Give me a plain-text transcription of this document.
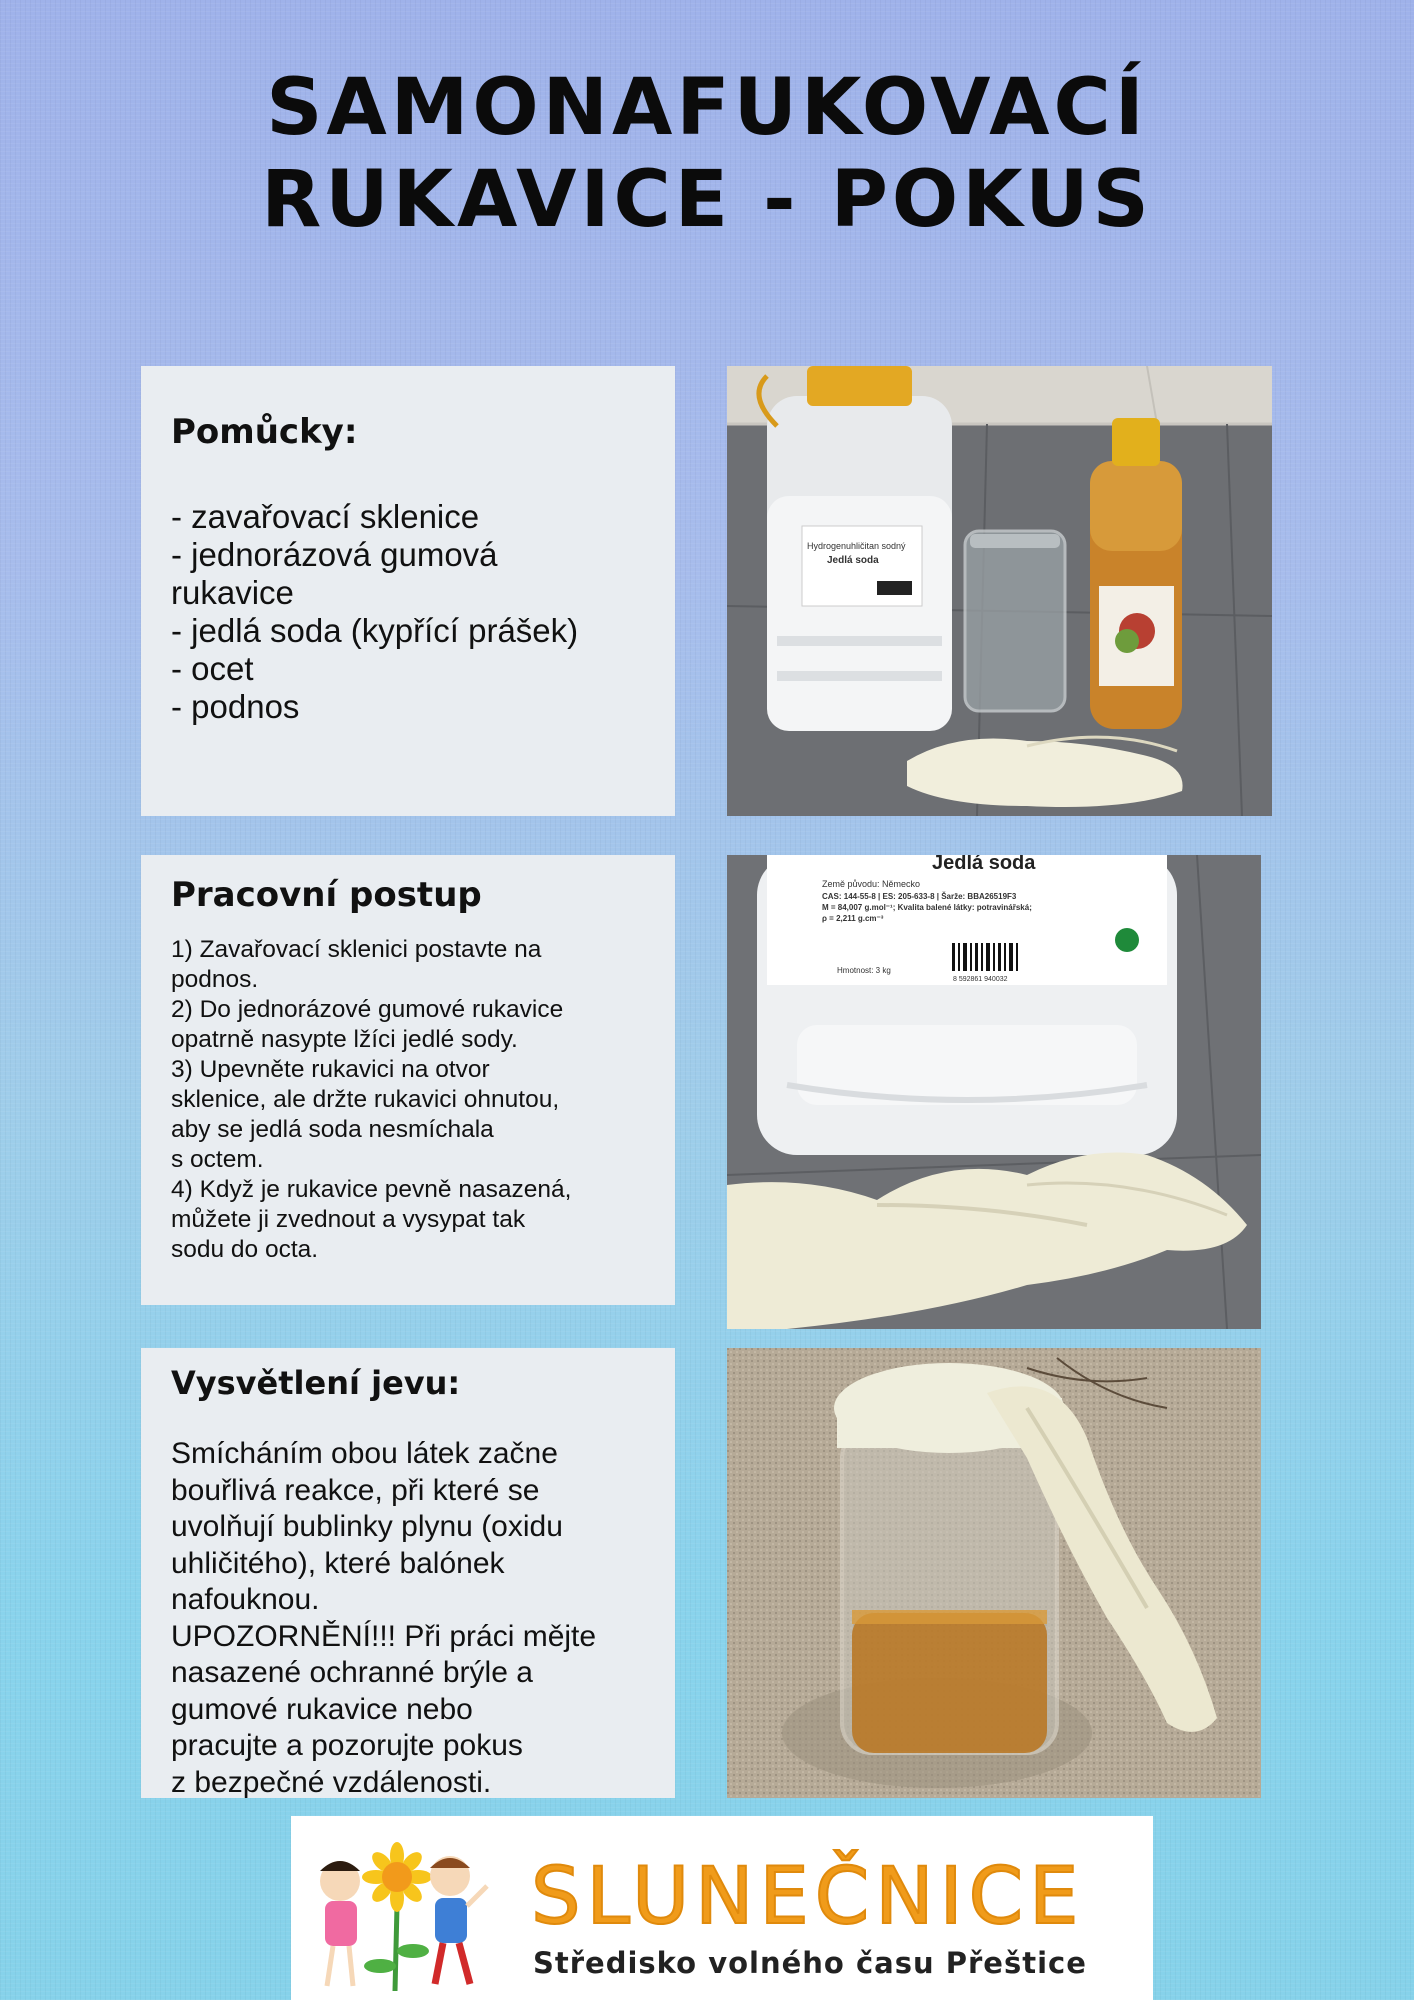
SAMONAFUKOVACÍ
RUKAVICE - POKUS
Pomůcky:
- zavařovací sklenice
- jednorázová gumová
rukavice
- jedlá soda (kypřící prášek)
- ocet
- podnos
Hydrogenuhličitan sodný
Jedlá soda
Pracovní postup
1) Zavařovací sklenici postavte na
podnos.
2) Do jednorázové gumové rukavice
opatrně nasypte lžíci jedlé sody.
3) Upevněte rukavici na otvor
sklenice, ale držte rukavici ohnutou,
aby se jedlá soda nesmíchala
s octem.
4) Když je rukavice pevně nasazená,
můžete ji zvednout a vysypat tak
sodu do octa.
Jedlá soda
Země původu: Německo
CAS: 144-55-8 | ES: 205-633-8 | Šarže: BBA26519F3
M = 84,007 g.mol⁻¹; Kvalita balené látky: potravinářská;
ρ = 2,211 g.cm⁻³
Hmotnost: 3 kg
8 592861 940032
Vysvětlení jevu:

Smícháním obou látek začne

bouřlivá reakce, při které se

uvolňují bublinky plynu (oxidu

uhličitého), které balónek

nafouknou.

UPOZORNĚNÍ!!! Při práci mějte

nasazené ochranné brýle a

gumové rukavice nebo

pracujte a pozorujte pokus

z bezpečné vzdálenosti.

SLUNEČNICE
Středisko volného času Přeštice
